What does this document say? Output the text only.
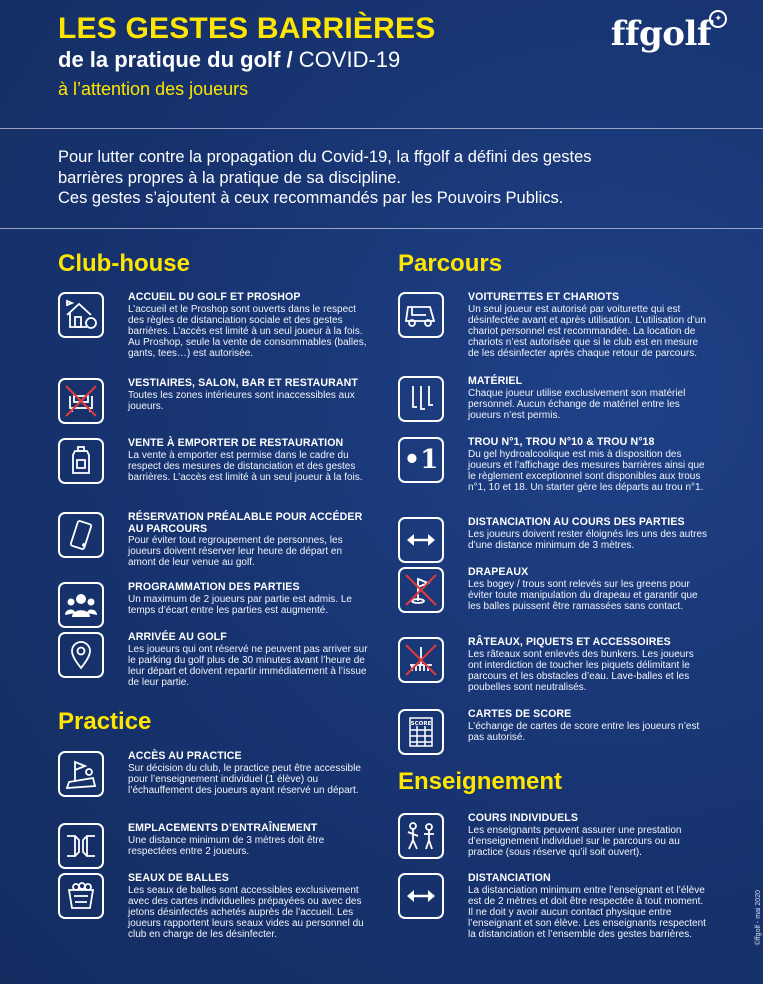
LES GESTES BARRIÈRES
de la pratique du golf / COVID-19
à l’attention des joueurs
ffgolf ✦
Pour lutter contre la propagation du Covid-19, la ffgolf a défini des gestes
barrières propres à la pratique de sa discipline.
Ces gestes s’ajoutent à ceux recommandés par les Pouvoirs Publics.
Club-house
ACCUEIL DU GOLF ET PROSHOP

L’accueil et le Proshop sont ouverts dans le respect des règles de distanciation sociale et des gestes barrières. L’accès est limité à un seul joueur à la fois. Au Proshop, seule la vente de consommables (balles, gants, tees…) est autorisée.

VESTIAIRES, SALON, BAR ET RESTAURANT

Toutes les zones intérieures sont inaccessibles aux joueurs.

VENTE À EMPORTER DE RESTAURATION

La vente à emporter est permise dans le cadre du respect des mesures de distanciation et des gestes barrières. L’accès est limité à un seul joueur à la fois.

RÉSERVATION PRÉALABLE POUR ACCÉDER AU PARCOURS

Pour éviter tout regroupement de personnes, les joueurs doivent réserver leur heure de départ en amont de leur venue au golf.

PROGRAMMATION DES PARTIES

Un maximum de 2 joueurs par partie est admis. Le temps d’écart entre les parties est augmenté.

ARRIVÉE AU GOLF

Les joueurs qui ont réservé ne peuvent pas arriver sur le parking du golf plus de 30 minutes avant l’heure de leur départ et doivent repartir immédiatement à l’issue de leur partie.

Practice
ACCÈS AU PRACTICE

Sur décision du club, le practice peut être accessible pour l’enseignement individuel (1 élève) ou l’échauffement des joueurs ayant réservé un départ.

EMPLACEMENTS D’ENTRAÎNEMENT

Une distance minimum de 3 mètres doit être respectées entre 2 joueurs.

SEAUX DE BALLES

Les seaux de balles sont accessibles exclusivement avec des cartes individuelles prépayées ou avec des jetons désinfectés achetés auprès de l’accueil. Les joueurs rapportent leurs seaux vides au personnel du club en charge de les désinfecter.

Parcours
VOITURETTES ET CHARIOTS

Un seul joueur est autorisé par voiturette qui est désinfectée avant et après utilisation. L’utilisation d’un chariot personnel est recommandée. La location de chariots n’est autorisée que si le club est en mesure de les désinfecter après chaque retour de parcours.

MATÉRIEL

Chaque joueur utilise exclusivement son matériel personnel. Aucun échange de matériel entre les joueurs n’est permis.

•1
TROU N°1, TROU N°10 & TROU N°18

Du gel hydroalcoolique est mis à disposition des joueurs et l’affichage des mesures barrières ainsi que le règlement exceptionnel sont disponibles aux trous n°1, 10 et 18. Un starter gère les départs au trou n°1.

DISTANCIATION AU COURS DES PARTIES

Les joueurs doivent rester éloignés les uns des autres d’une distance minimum de 3 mètres.

DRAPEAUX

Les bogey / trous sont relevés sur les greens pour éviter toute manipulation du drapeau et garantir que les balles puissent être ramassées sans contact.

RÂTEAUX, PIQUETS ET ACCESSOIRES

Les râteaux sont enlevés des bunkers. Les joueurs ont interdiction de toucher les piquets délimitant le parcours et les obstacles d’eau. Lave-balles et les poubelles sont neutralisés.

SCORE
CARTES DE SCORE

L’échange de cartes de score entre les joueurs n’est pas autorisé.

Enseignement
COURS INDIVIDUELS

Les enseignants peuvent assurer une prestation d’enseignement individuel sur le parcours ou au practice (sous réserve qu’il soit ouvert).

DISTANCIATION

La distanciation minimum entre l’enseignant et l’élève est de 2 mètres et doit être respectée à tout moment. Il ne doit y avoir aucun contact physique entre l’enseignant et son élève. Les enseignants respectent la distanciation et l’ensemble des gestes barrières.	©ffgolf - mai 2020
